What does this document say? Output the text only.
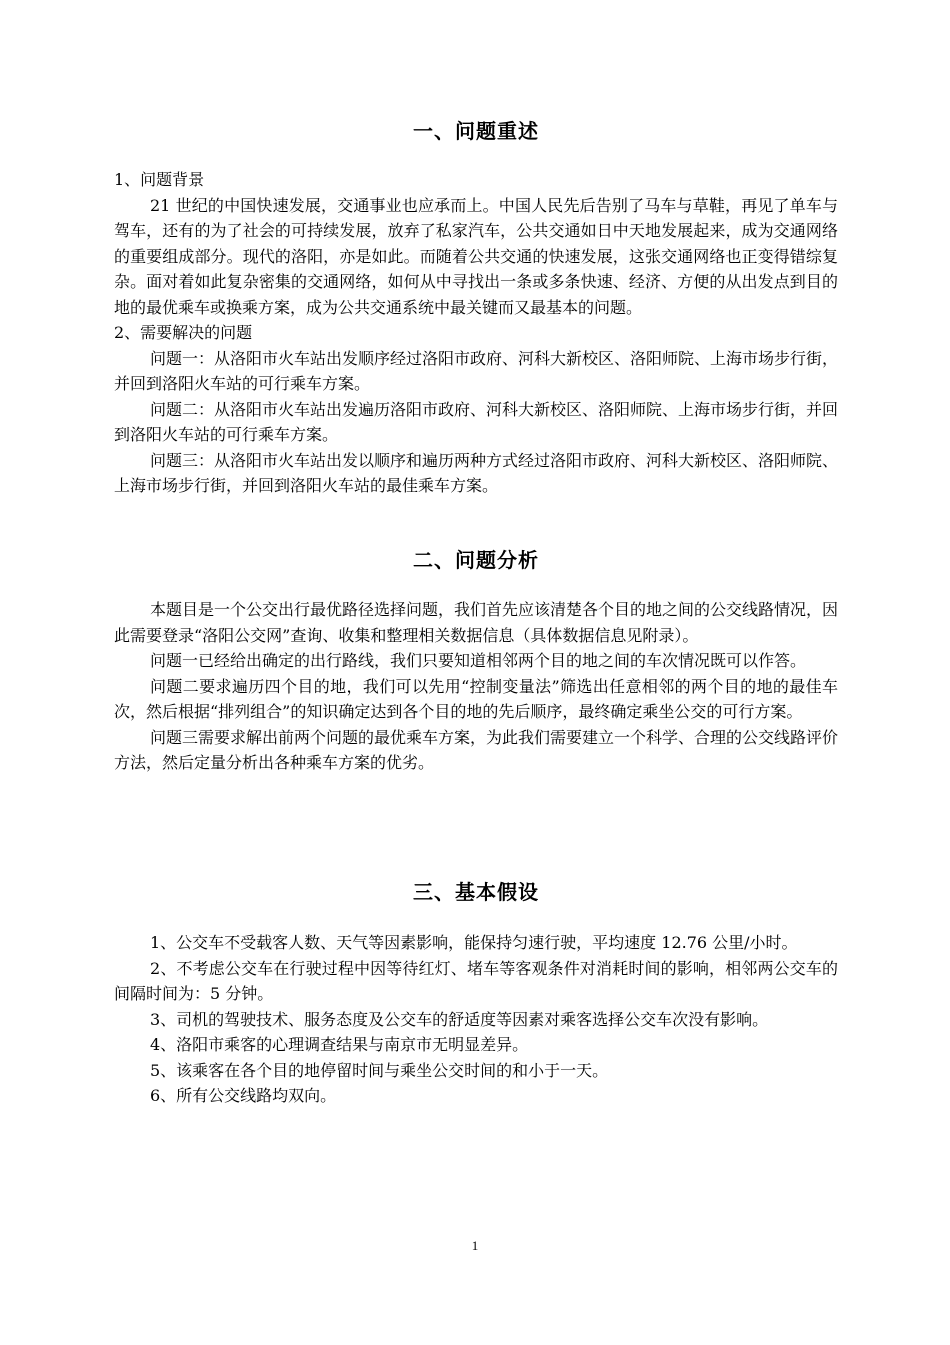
一、问题重述

1、问题背景

21 世纪的中国快速发展，交通事业也应承而上。中国人民先后告别了马车与草鞋，再见了单车与驾车，还有的为了社会的可持续发展，放弃了私家汽车，公共交通如日中天地发展起来，成为交通网络的重要组成部分。现代的洛阳，亦是如此。而随着公共交通的快速发展，这张交通网络也正变得错综复杂。面对着如此复杂密集的交通网络，如何从中寻找出一条或多条快速、经济、方便的从出发点到目的地的最优乘车或换乘方案，成为公共交通系统中最关键而又最基本的问题。

2、需要解决的问题

问题一：从洛阳市火车站出发顺序经过洛阳市政府、河科大新校区、洛阳师院、上海市场步行街，并回到洛阳火车站的可行乘车方案。

问题二：从洛阳市火车站出发遍历洛阳市政府、河科大新校区、洛阳师院、上海市场步行街，并回到洛阳火车站的可行乘车方案。

问题三：从洛阳市火车站出发以顺序和遍历两种方式经过洛阳市政府、河科大新校区、洛阳师院、上海市场步行街，并回到洛阳火车站的最佳乘车方案。

二、问题分析

本题目是一个公交出行最优路径选择问题，我们首先应该清楚各个目的地之间的公交线路情况，因此需要登录“洛阳公交网”查询、收集和整理相关数据信息（具体数据信息见附录）。

问题一已经给出确定的出行路线，我们只要知道相邻两个目的地之间的车次情况既可以作答。

问题二要求遍历四个目的地，我们可以先用“控制变量法”筛选出任意相邻的两个目的地的最佳车次，然后根据“排列组合”的知识确定达到各个目的地的先后顺序，最终确定乘坐公交的可行方案。

问题三需要求解出前两个问题的最优乘车方案，为此我们需要建立一个科学、合理的公交线路评价方法，然后定量分析出各种乘车方案的优劣。

三、基本假设

1、公交车不受载客人数、天气等因素影响，能保持匀速行驶，平均速度 12.76 公里/小时。

2、不考虑公交车在行驶过程中因等待红灯、堵车等客观条件对消耗时间的影响，相邻两公交车的间隔时间为：5 分钟。

3、司机的驾驶技术、服务态度及公交车的舒适度等因素对乘客选择公交车次没有影响。

4、洛阳市乘客的心理调查结果与南京市无明显差异。

5、该乘客在各个目的地停留时间与乘坐公交时间的和小于一天。

6、所有公交线路均双向。

1
